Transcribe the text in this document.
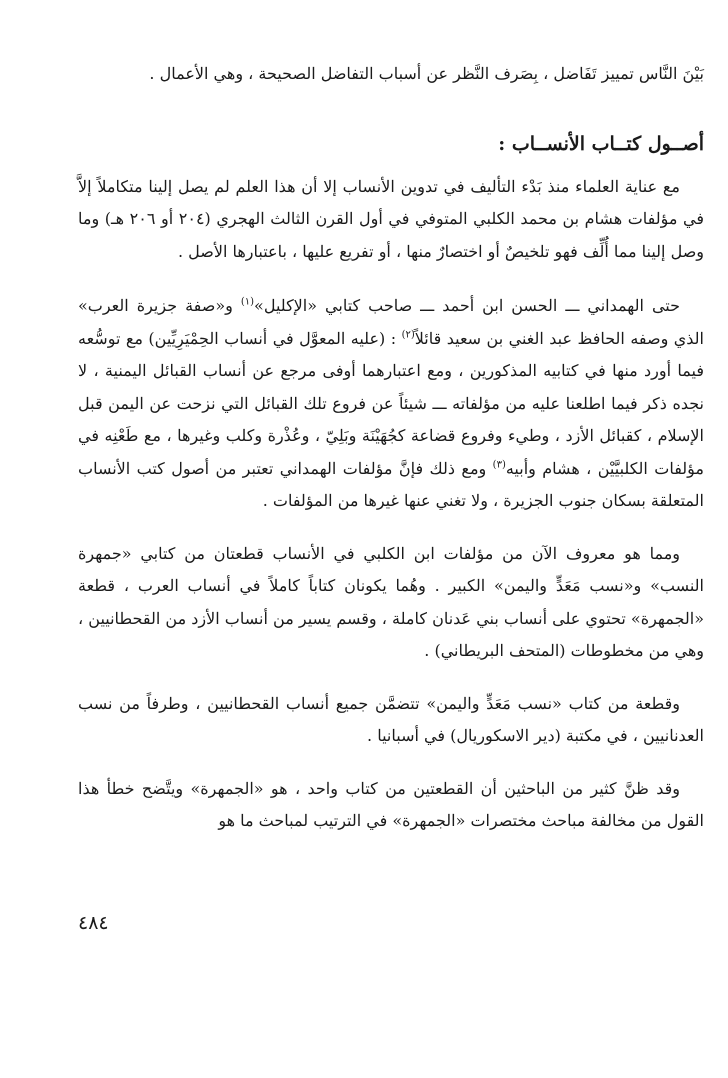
بَيْنَ النَّاس تمييز تَفَاضل ، بِصَرف النَّظر عن أسباب التفاضل الصحيحة ، وهي الأعمال .

أصــول كتــاب الأنســاب :

مع عناية العلماء منذ بَدْء التأليف في تدوين الأنساب إلا أن هذا العلم لم يصل إلينا متكاملاً إلاَّ في مؤلفات هشام بن محمد الكلبي المتوفي في أول القرن الثالث الهجري (٢٠٤ أو ٢٠٦ هـ) وما وصل إلينا مما أُلِّف فهو تلخيصٌ أو اختصارٌ منها ، أو تفريع عليها ، باعتبارها الأصل .

حتى الهمداني ـــ الحسن ابن أحمد ـــ صاحب كتابي «الإكليل»$^{(١)}$ و«صفة جزيرة العرب» الذي وصفه الحافظ عبد الغني بن سعيد قائلاً$^{(٢)}$ : (عليه المعوَّل في أنساب الحِمْيَرِيِّين) مع توسُّعه فيما أورد منها في كتابيه المذكورين ، ومع اعتبارهما أوفى مرجع عن أنساب القبائل اليمنية ، لا نجده ذكر فيما اطلعنا عليه من مؤلفاته ـــ شيئاً عن فروع تلك القبائل التي نزحت عن اليمن قبل الإسلام ، كقبائل الأزد ، وطيء وفروع قضاعة كجُهَيْنَة وبَلِيّ ، وعُذْرة وكلب وغيرها ، مع طَعْنِه في مؤلفات الكلبيَّيْن ، هشام وأبيه$^{(٣)}$ ومع ذلك فإنَّ مؤلفات الهمداني تعتبر من أصول كتب الأنساب المتعلقة بسكان جنوب الجزيرة ، ولا تغني عنها غيرها من المؤلفات .

ومما هو معروف الآن من مؤلفات ابن الكلبي في الأنساب قطعتان من كتابي «جمهرة النسب» و«نسب مَعَدٍّ واليمن» الكبير . وهُما يكونان كتاباً كاملاً في أنساب العرب ، قطعة «الجمهرة» تحتوي على أنساب بني عَدنان كاملة ، وقسم يسير من أنساب الأزد من القحطانيين ، وهي من مخطوطات (المتحف البريطاني) .

وقطعة من كتاب «نسب مَعَدٍّ واليمن» تتضمَّن جميع أنساب القحطانيين ، وطرفاً من نسب العدنانيين ، في مكتبة (دير الاسكوريال) في أسبانيا .

وقد ظنَّ كثير من الباحثين أن القطعتين من كتاب واحد ، هو «الجمهرة» ويتَّضح خطأ هذا القول من مخالفة مباحث مختصرات «الجمهرة» في الترتيب لمباحث ما هو

٤٨٤
